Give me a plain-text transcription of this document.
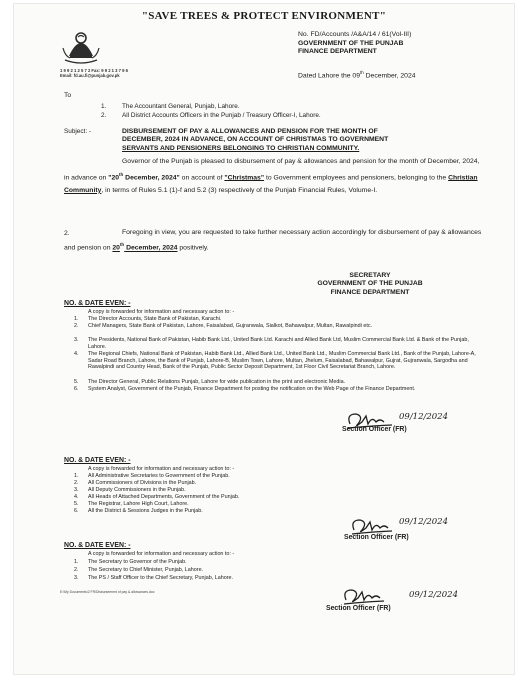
"SAVE TREES & PROTECT ENVIRONMENT"
1 9 9 2 1 2 5 7 2 Fax: 9 9 2 1 3 7 9 6
Email: fd.au.fi@punjab.gov.pk
No. FD/Accounts /A&A/14 / 61(Vol-III)
GOVERNMENT OF THE PUNJAB
FINANCE DEPARTMENT
Dated Lahore the 09th December, 2024
To
1. The Accountant General, Punjab, Lahore.
2. All District Accounts Officers in the Punjab / Treasury Officer-I, Lahore.
Subject: -	DISBURSEMENT OF PAY & ALLOWANCES AND PENSION FOR THE MONTH OF
DECEMBER, 2024 IN ADVANCE, ON ACCOUNT OF CHRISTMAS TO GOVERNMENT
SERVANTS AND PENSIONERS BELONGING TO CHRISTIAN COMMUNITY.
Governor of the Punjab is pleased to disbursement of pay & allowances and pension for the month of December, 2024, in advance on "20th December, 2024" on account of "Christmas" to Government employees and pensioners, belonging to the Christian Community, in terms of Rules 5.1 (1)-f and 5.2 (3) respectively of the Punjab Financial Rules, Volume-I.
2.	Foregoing in view, you are requested to take further necessary action accordingly for disbursement of pay & allowances and pension on 20th December, 2024 positively.
SECRETARY
GOVERNMENT OF THE PUNJAB
FINANCE DEPARTMENT
NO. & DATE EVEN: -
A copy is forwarded for information and necessary action to: -
1. The Director Accounts, State Bank of Pakistan, Karachi.
2. Chief Managers, State Bank of Pakistan, Lahore, Faisalabad, Gujranwala, Sialkot, Bahawalpur, Multan, Rawalpindi etc.
3. The Presidents, National Bank of Pakistan, Habib Bank Ltd., United Bank Ltd. Karachi and Allied Bank Ltd, Muslim Commercial Bank Ltd. & Bank of the Punjab, Lahore.
4. The Regional Chiefs, National Bank of Pakistan, Habib Bank Ltd., Allied Bank Ltd., United Bank Ltd., Muslim Commercial Bank Ltd., Bank of the Punjab, Lahore-A, Sadar Road Branch, Lahore, the Bank of Punjab, Lahore-B, Muslim Town, Lahore, Multan, Jhelum, Faisalabad, Bahawalpur, Gujrat, Gujranwala, Sargodha and Rawalpindi and Country Head, Bank of the Punjab, Public Sector Deposit Department, 1st Floor Civil Secretariat Branch, Lahore.
5. The Director General, Public Relations Punjab, Lahore for wide publication in the print and electronic Media.
6. System Analyst, Government of the Punjab, Finance Department for posting the notification on the Web Page of the Finance Department.
09/12/2024
Section Officer (FR)
NO. & DATE EVEN: -
A copy is forwarded for information and necessary action to: -
1. All Administrative Secretaries to Government of the Punjab.
2. All Commissioners of Divisions in the Punjab.
3. All Deputy Commissioners in the Punjab.
4. All Heads of Attached Departments, Government of the Punjab.
5. The Registrar, Lahore High Court, Lahore.
6. All the District & Sessions Judges in the Punjab.
09/12/2024
Section Officer (FR)
NO. & DATE EVEN: -
A copy is forwarded for information and necessary action to: -
1. The Secretary to Governor of the Punjab.
2. The Secretary to Chief Minister, Punjab, Lahore.
3. The PS / Staff Officer to the Chief Secretary, Punjab, Lahore.
09/12/2024
Section Officer (FR)
E:\My Documents\2 FR\Disbursement of pay & allowances.doc
